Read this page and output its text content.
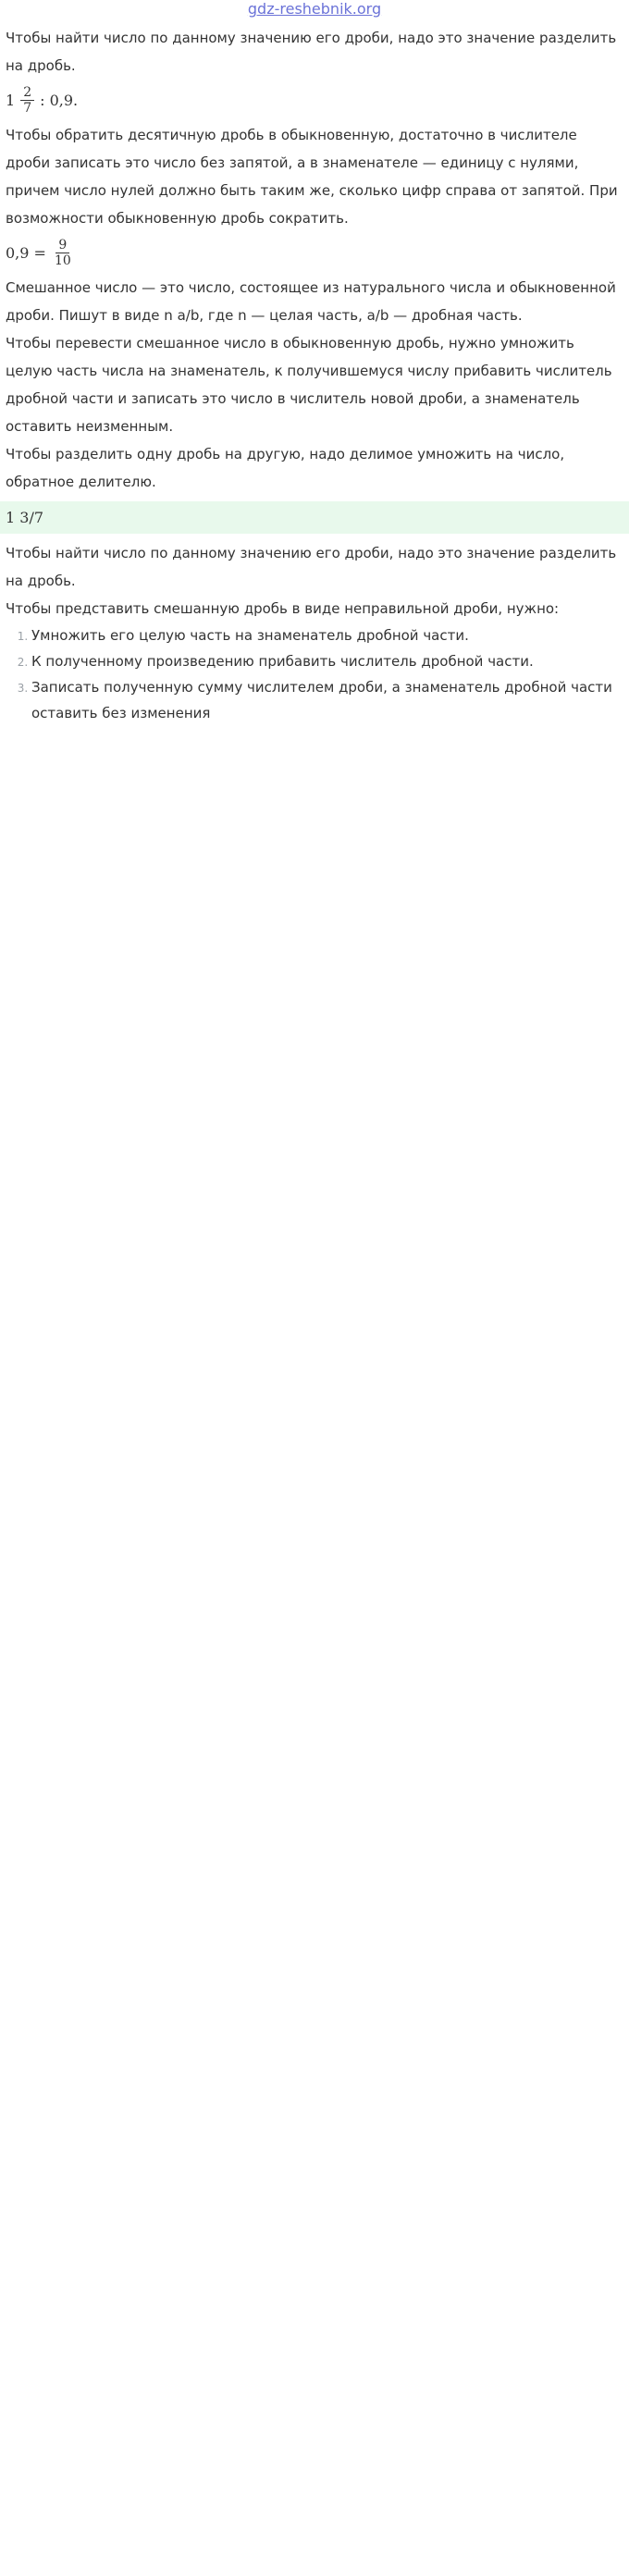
gdz-reshebnik.org

Чтобы найти число по данному значению его дроби, надо это значение разделить на дробь.

$1 \frac{2}{7}$ : 0,9.

Чтобы обратить десятичную дробь в обыкновенную, достаточно в числителе дроби записать это число без запятой, а в знаменателе — единицу с нулями, причем число нулей должно быть таким же, сколько цифр справа от запятой. При возможности обыкновенную дробь сократить.

$0,9 = \frac{9}{10}$

Смешанное число — это число, состоящее из натурального числа и обыкновенной дроби. Пишут в виде n a/b, где n — целая часть, a/b — дробная часть.

Чтобы перевести смешанное число в обыкновенную дробь, нужно умножить целую часть числа на знаменатель, к получившемуся числу прибавить числитель дробной части и записать это число в числитель новой дроби, а знаменатель оставить неизменным.

Чтобы разделить одну дробь на другую, надо делимое умножить на число, обратное делителю.

1 3/7

Чтобы найти число по данному значению его дроби, надо это значение разделить на дробь.

Чтобы представить смешанную дробь в виде неправильной дроби, нужно:

1. Умножить его целую часть на знаменатель дробной части.
2. К полученному произведению прибавить числитель дробной части.
3. Записать полученную сумму числителем дроби, а знаменатель дробной части оставить без изменения
